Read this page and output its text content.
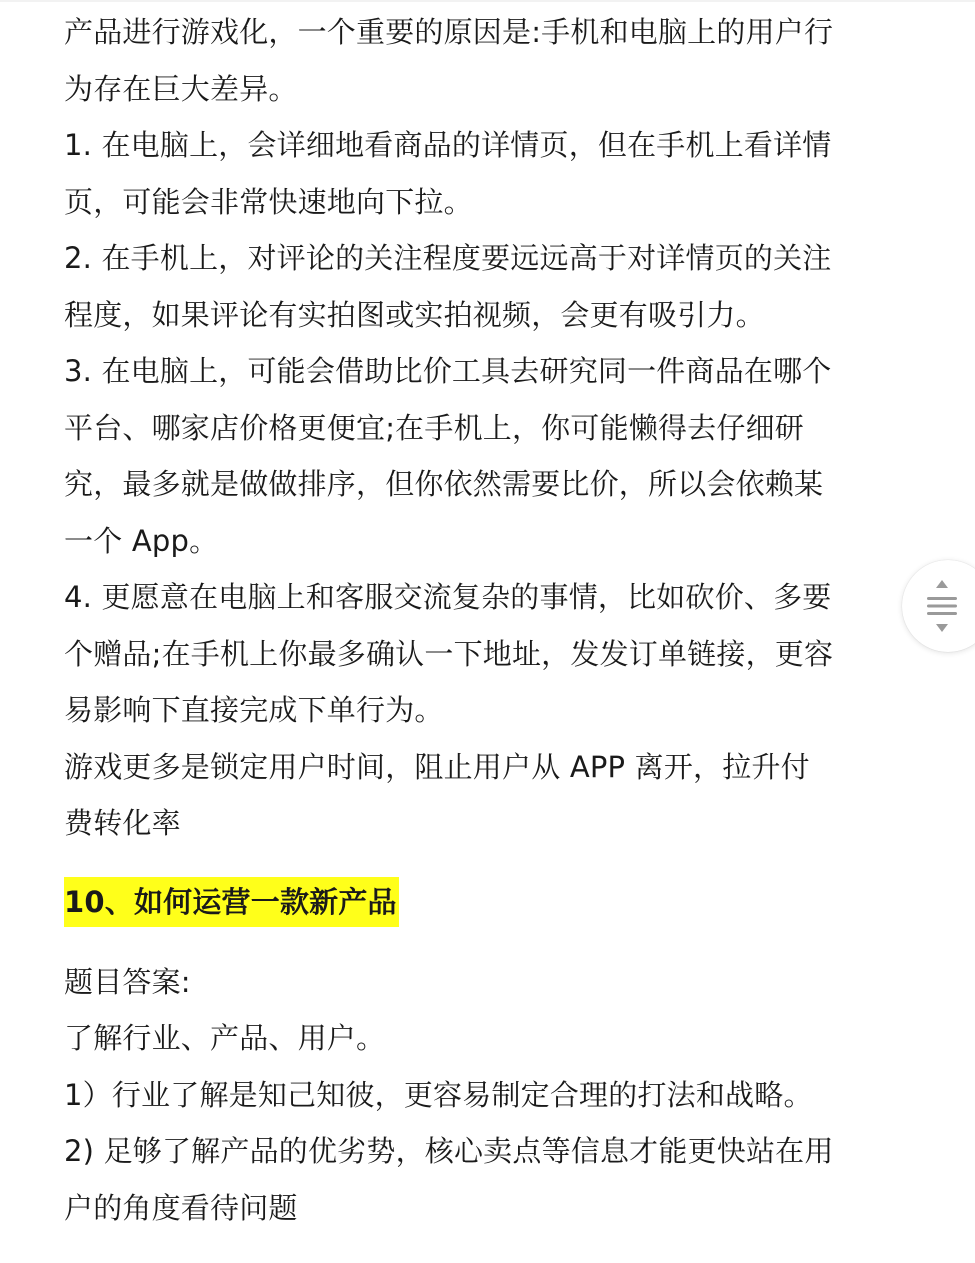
产品进行游戏化，一个重要的原因是:手机和电脑上的用户行为存在巨大差异。

1. 在电脑上，会详细地看商品的详情页，但在手机上看详情页，可能会非常快速地向下拉。

2. 在手机上，对评论的关注程度要远远高于对详情页的关注程度，如果评论有实拍图或实拍视频，会更有吸引力。

3. 在电脑上，可能会借助比价工具去研究同一件商品在哪个平台、哪家店价格更便宜;在手机上，你可能懒得去仔细研究，最多就是做做排序，但你依然需要比价，所以会依赖某一个 App。

4. 更愿意在电脑上和客服交流复杂的事情，比如砍价、多要个赠品;在手机上你最多确认一下地址，发发订单链接，更容易影响下直接完成下单行为。

游戏更多是锁定用户时间，阻止用户从 APP 离开，拉升付费转化率

10、如何运营一款新产品

题目答案:

了解行业、产品、用户。

1）行业了解是知己知彼，更容易制定合理的打法和战略。

2) 足够了解产品的优劣势，核心卖点等信息才能更快站在用户的角度看待问题
